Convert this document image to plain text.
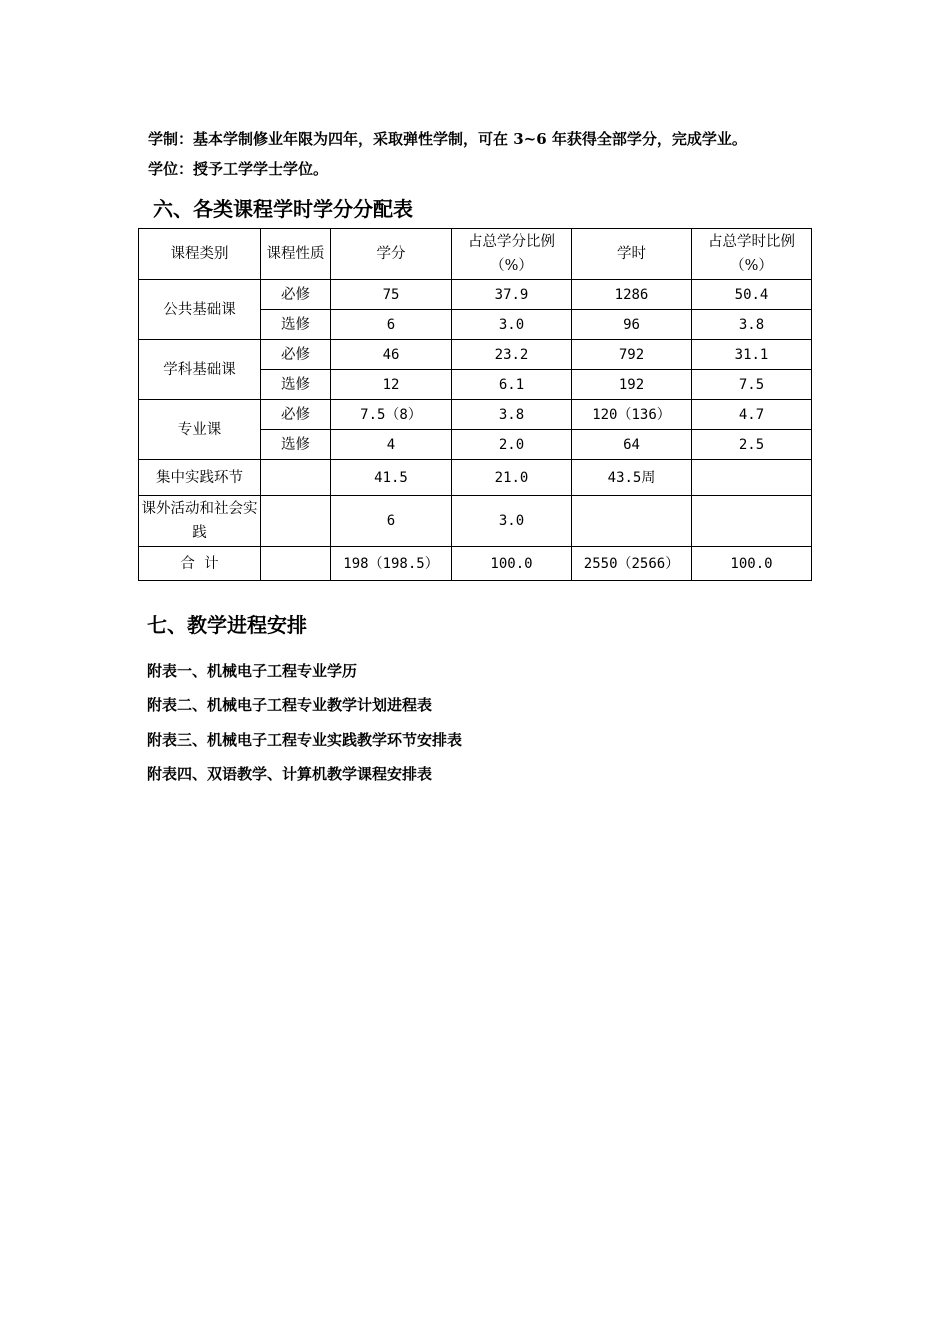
学制：基本学制修业年限为四年，采取弹性学制，可在 3~6 年获得全部学分，完成学业。
学位：授予工学学士学位。
六、各类课程学时学分分配表
课程类别	课程性质	学分	占总学分比例（%）	学时	占总学时比例（%）
公共基础课	必修	75	37.9	1286	50.4
	选修	6	3.0	96	3.8
学科基础课	必修	46	23.2	792	31.1
	选修	12	6.1	192	7.5
专业课	必修	7.5（8）	3.8	120（136）	4.7
	选修	4	2.0	64	2.5
集中实践环节		41.5	21.0	43.5周	
课外活动和社会实践		6	3.0		
合  计		198（198.5）	100.0	2550（2566）	100.0
七、教学进程安排
附表一、机械电子工程专业学历
附表二、机械电子工程专业教学计划进程表
附表三、机械电子工程专业实践教学环节安排表
附表四、双语教学、计算机教学课程安排表
